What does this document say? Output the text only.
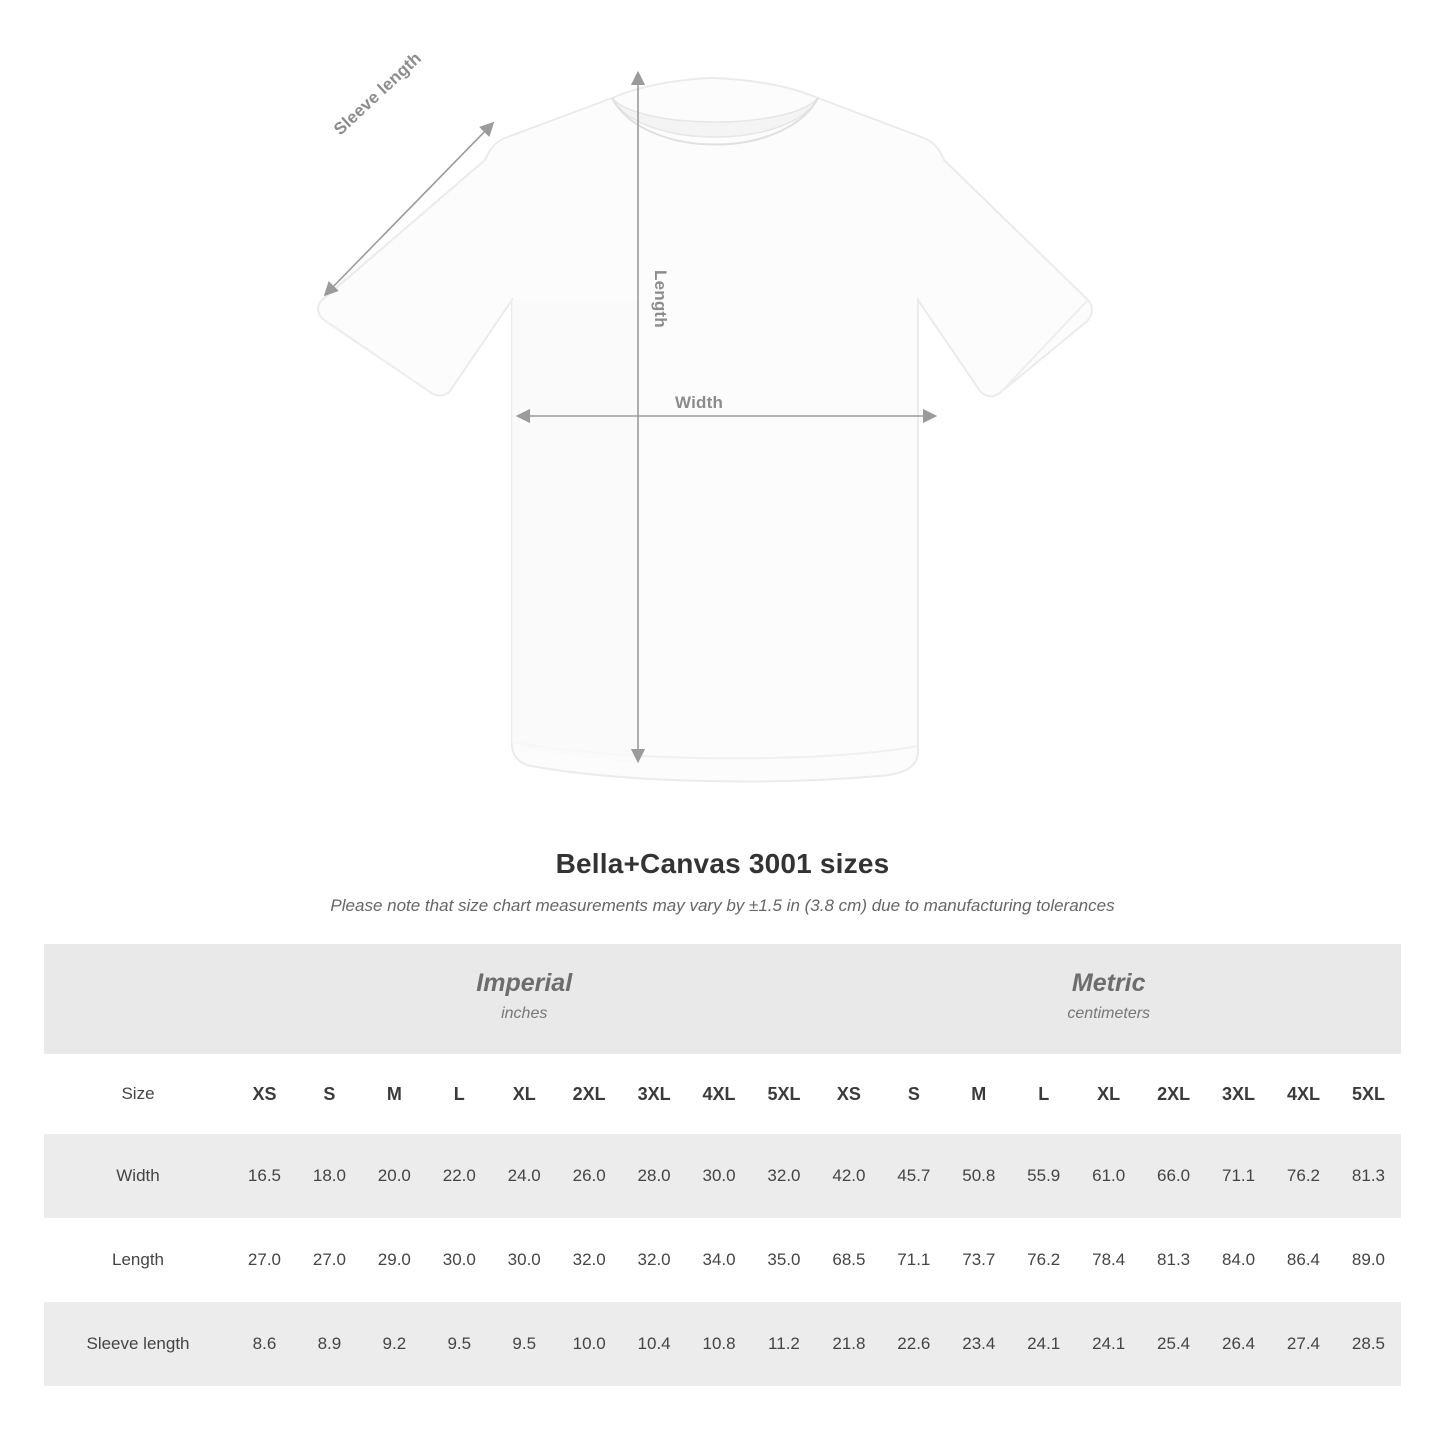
Sleeve length
Length
Width
Bella+Canvas 3001 sizes
Please note that size chart measurements may vary by ±1.5 in (3.8 cm) due to manufacturing tolerances

Imperial
inches

Metric
centimeters

Size	XS	S	M	L	XL	2XL	3XL	4XL	5XL	XS	S	M	L	XL	2XL	3XL	4XL	5XL
Width	16.5	18.0	20.0	22.0	24.0	26.0	28.0	30.0	32.0	42.0	45.7	50.8	55.9	61.0	66.0	71.1	76.2	81.3
Length	27.0	27.0	29.0	30.0	30.0	32.0	32.0	34.0	35.0	68.5	71.1	73.7	76.2	78.4	81.3	84.0	86.4	89.0
Sleeve length	8.6	8.9	9.2	9.5	9.5	10.0	10.4	10.8	11.2	21.8	22.6	23.4	24.1	24.1	25.4	26.4	27.4	28.5
